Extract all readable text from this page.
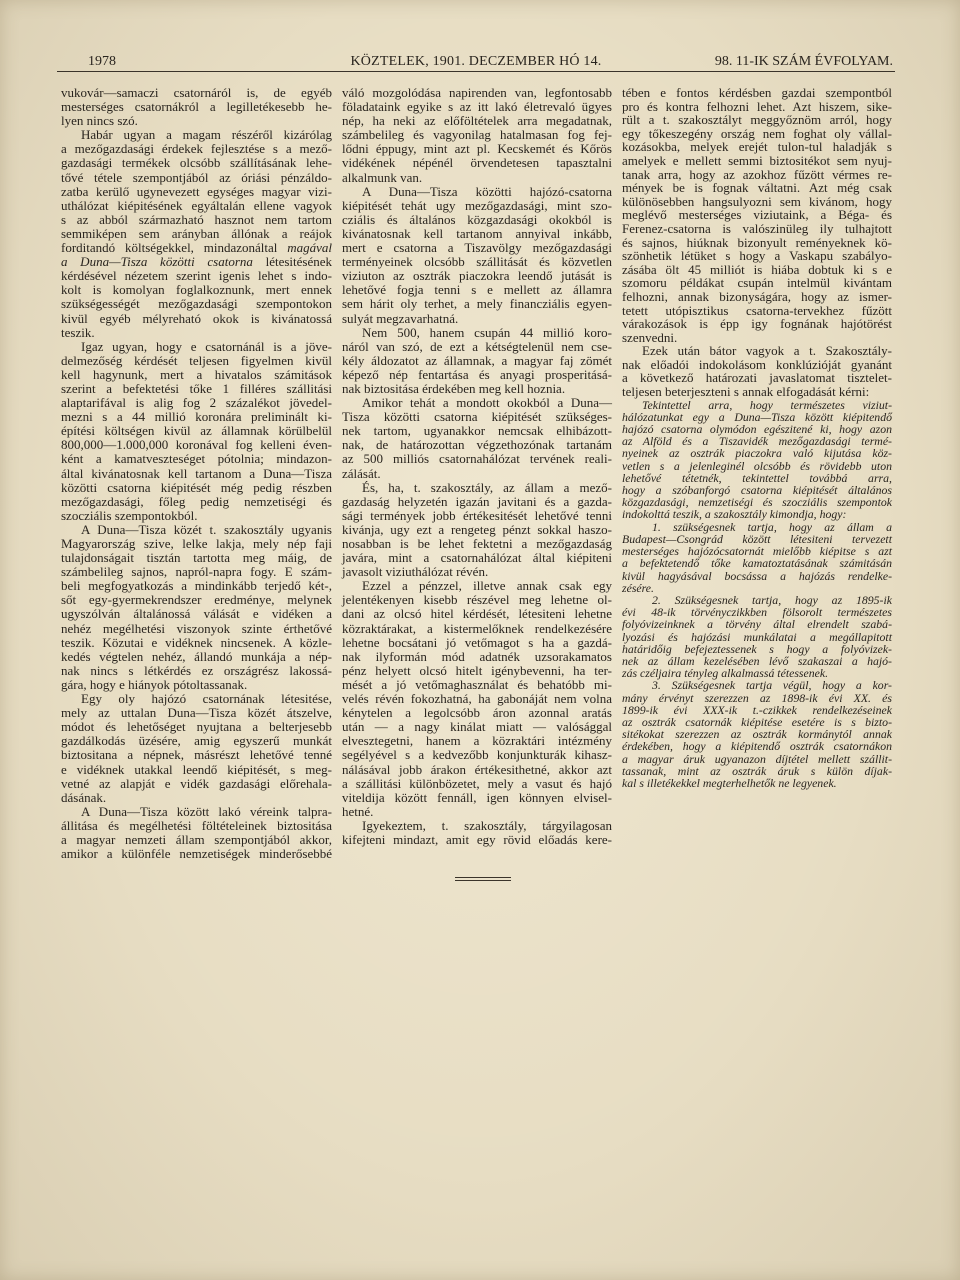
1978	KÖZTELEK, 1901. DECZEMBER HÓ 14.	98. 11-IK SZÁM ÉVFOLYAM.
vukovár—samaczi csatornáról is, de egyéb
mesterséges csatornákról a legilletékesebb he-
lyen nincs szó.
Habár ugyan a magam részéről kizárólag
a mezőgazdasági érdekek fejlesztése s a mező-
gazdasági termékek olcsóbb szállításának lehe-
tővé tétele szempontjából az óriási pénzáldo-
zatba kerülő ugynevezett egységes magyar vizi-
uthálózat kiépitésének egyáltalán ellene vagyok
s az abból származható hasznot nem tartom
semmiképen sem arányban állónak a reájok
forditandó költségekkel, mindazonáltal magával
a Duna—Tisza közötti csatorna létesitésének
kérdésével nézetem szerint igenis lehet s indo-
kolt is komolyan foglalkoznunk, mert ennek
szükségességét mezőgazdasági szempontokon
kivül egyéb mélyreható okok is kivánatossá
teszik.
Igaz ugyan, hogy e csatornánál is a jöve-
delmezőség kérdését teljesen figyelmen kivül
kell hagynunk, mert a hivatalos számitások
szerint a befektetési tőke 1 filléres szállitási
alaptarifával is alig fog 2 százalékot jövedel-
mezni s a 44 millió koronára preliminált ki-
építési költségen kivül az államnak körülbelül
800,000—1.000,000 koronával fog kelleni éven-
ként a kamatveszteséget pótolnia; mindazon-
által kivánatosnak kell tartanom a Duna—Tisza
közötti csatorna kiépitését még pedig részben
mezőgazdasági, főleg pedig nemzetiségi és
szocziális szempontokból.
A Duna—Tisza közét t. szakosztály ugyanis
Magyarország szive, lelke lakja, mely nép faji
tulajdonságait tisztán tartotta meg máig, de
számbelileg sajnos, napról-napra fogy. E szám-
beli megfogyatkozás a mindinkább terjedő két-,
sőt egy-gyermekrendszer eredménye, melynek
ugyszólván általánossá válását e vidéken a
nehéz megélhetési viszonyok szinte érthetővé
teszik. Közutai e vidéknek nincsenek. A közle-
kedés végtelen nehéz, állandó munkája a nép-
nak nincs s létkérdés ez országrész lakossá-
gára, hogy e hiányok pótoltassanak.
Egy oly hajózó csatornának létesitése,
mely az uttalan Duna—Tisza közét átszelve,
módot és lehetőséget nyujtana a belterjesebb
gazdálkodás üzésére, amig egyszerű munkát
biztositana a népnek, másrészt lehetővé tenné
e vidéknek utakkal leendő kiépitését, s meg-
vetné az alapját e vidék gazdasági előrehala-
dásának.
A Duna—Tisza között lakó véreink talpra-
állitása és megélhetési föltételeinek biztositása
a magyar nemzeti állam szempontjából akkor,
amikor a különféle nemzetiségek minderősebbé
váló mozgolódása napirenden van, legfontosabb
föladataink egyike s az itt lakó életrevaló ügyes
nép, ha neki az előföltételek arra megadatnak,
számbelileg és vagyonilag hatalmasan fog fej-
lődni éppugy, mint azt pl. Kecskemét és Kőrös
vidékének népénél örvendetesen tapasztalni
alkalmunk van.
A Duna—Tisza közötti hajózó-csatorna
kiépitését tehát ugy mezőgazdasági, mint szo-
cziális és általános közgazdasági okokból is
kivánatosnak kell tartanom annyival inkább,
mert e csatorna a Tiszavölgy mezőgazdasági
terményeinek olcsóbb szállitását és közvetlen
viziuton az osztrák piaczokra leendő jutását is
lehetővé fogja tenni s e mellett az államra
sem hárit oly terhet, a mely financziális egyen-
sulyát megzavarhatná.
Nem 500, hanem csupán 44 millió koro-
náról van szó, de ezt a kétségtelenül nem cse-
kély áldozatot az államnak, a magyar faj zömét
képező nép fentartása és anyagi prosperitásá-
nak biztositása érdekében meg kell hoznia.
Amikor tehát a mondott okokból a Duna—
Tisza közötti csatorna kiépitését szükséges-
nek tartom, ugyanakkor nemcsak elhibázott-
nak, de határozottan végzethozónak tartanám
az 500 milliós csatornahálózat tervének reali-
zálását.
És, ha, t. szakosztály, az állam a mező-
gazdaság helyzetén igazán javitani és a gazda-
sági termények jobb értékesitését lehetővé tenni
kivánja, ugy ezt a rengeteg pénzt sokkal haszo-
nosabban is be lehet fektetni a mezőgazdaság
javára, mint a csatornahálózat által kiépiteni
javasolt viziuthálózat révén.
Ezzel a pénzzel, illetve annak csak egy
jelentékenyen kisebb részével meg lehetne ol-
dani az olcsó hitel kérdését, létesiteni lehetne
közraktárakat, a kistermelőknek rendelkezésére
lehetne bocsátani jó vetőmagot s ha a gazdá-
nak ilyformán mód adatnék uzsorakamatos
pénz helyett olcsó hitelt igénybevenni, ha ter-
mését a jó vetőmaghasználat és behatóbb mi-
velés révén fokozhatná, ha gabonáját nem volna
kénytelen a legolcsóbb áron azonnal aratás
után — a nagy kinálat miatt — valósággal
elvesztegetni, hanem a közraktári intézmény
segélyével s a kedvezőbb konjunkturák kihasz-
nálásával jobb árakon értékesithetné, akkor azt
a szállitási különbözetet, mely a vasut és hajó
viteldija között fennáll, igen könnyen elvisel-
hetné.
Igyekeztem, t. szakosztály, tárgyilagosan
kifejteni mindazt, amit egy rövid előadás kere-
tében e fontos kérdésben gazdai szempontból
pro és kontra felhozni lehet. Azt hiszem, sike-
rült a t. szakosztályt meggyőznöm arról, hogy
egy tőkeszegény ország nem foghat oly vállal-
kozásokba, melyek erejét tulon-tul haladják s
amelyek e mellett semmi biztositékot sem nyuj-
tanak arra, hogy az azokhoz fűzött vérmes re-
mények be is fognak váltatni. Azt még csak
különösebben hangsulyozni sem kivánom, hogy
meglévő mesterséges viziutaink, a Béga- és
Ferenez-csatorna is valószinüleg ily tulhajtott
és sajnos, hiúknak bizonyult reményeknek kö-
szönhetik létüket s hogy a Vaskapu szabályo-
zásába ölt 45 milliót is hiába dobtuk ki s e
szomoru példákat csupán intelmül kivántam
felhozni, annak bizonyságára, hogy az ismer-
tetett utópisztikus csatorna-tervekhez fűzött
várakozások is épp igy fognának hajótörést
szenvedni.
Ezek után bátor vagyok a t. Szakosztály-
nak előadói indokolásom konklúzióját gyanánt
a következő határozati javaslatomat tisztelet-
teljesen beterjeszteni s annak elfogadását kérni:
Tekintettel arra, hogy természetes viziut-
hálózatunkat egy a Duna—Tisza között kiépitendő
hajózó csatorna olymódon egészitené ki, hogy azon
az Alföld és a Tiszavidék mezőgazdasági termé-
nyeinek az osztrák piaczokra való kijutása köz-
vetlen s a jelenleginél olcsóbb és rövidebb uton
lehetővé tétetnék, tekintettel továbbá arra,
hogy a szóbanforgó csatorna kiépitését általános
közgazdasági, nemzetiségi és szocziális szempontok
indokolttá teszik, a szakosztály kimondja, hogy:
1. szükségesnek tartja, hogy az állam a
Budapest—Csongrád között létesiteni tervezett
mesterséges hajózócsatornát mielőbb kiépitse s azt
a befektetendő tőke kamatoztatásának számitásán
kivül hagyásával bocsássa a hajózás rendelke-
zésére.
2. Szükségesnek tartja, hogy az 1895-ik
évi 48-ik törvényczikkben fölsorolt természetes
folyóvizeinknek a törvény által elrendelt szabá-
lyozási és hajózási munkálatai a megállapitott
határidőig befejeztessenek s hogy a folyóvizek-
nek az állam kezelésében lévő szakaszai a hajó-
zás czéljaira tényleg alkalmassá tétessenek.
3. Szükségesnek tartja végül, hogy a kor-
mány érvényt szerezzen az 1898-ik évi XX. és
1899-ik évi XXX-ik t.-czikkek rendelkezéseinek
az osztrák csatornák kiépitése esetére is s bizto-
sitékokat szerezzen az osztrák kormánytól annak
érdekében, hogy a kiépitendő osztrák csatornákon
a magyar áruk ugyanazon díjtétel mellett szállit-
tassanak, mint az osztrák áruk s külön díjak-
kal s illetékekkel megterhelhetők ne legyenek.
